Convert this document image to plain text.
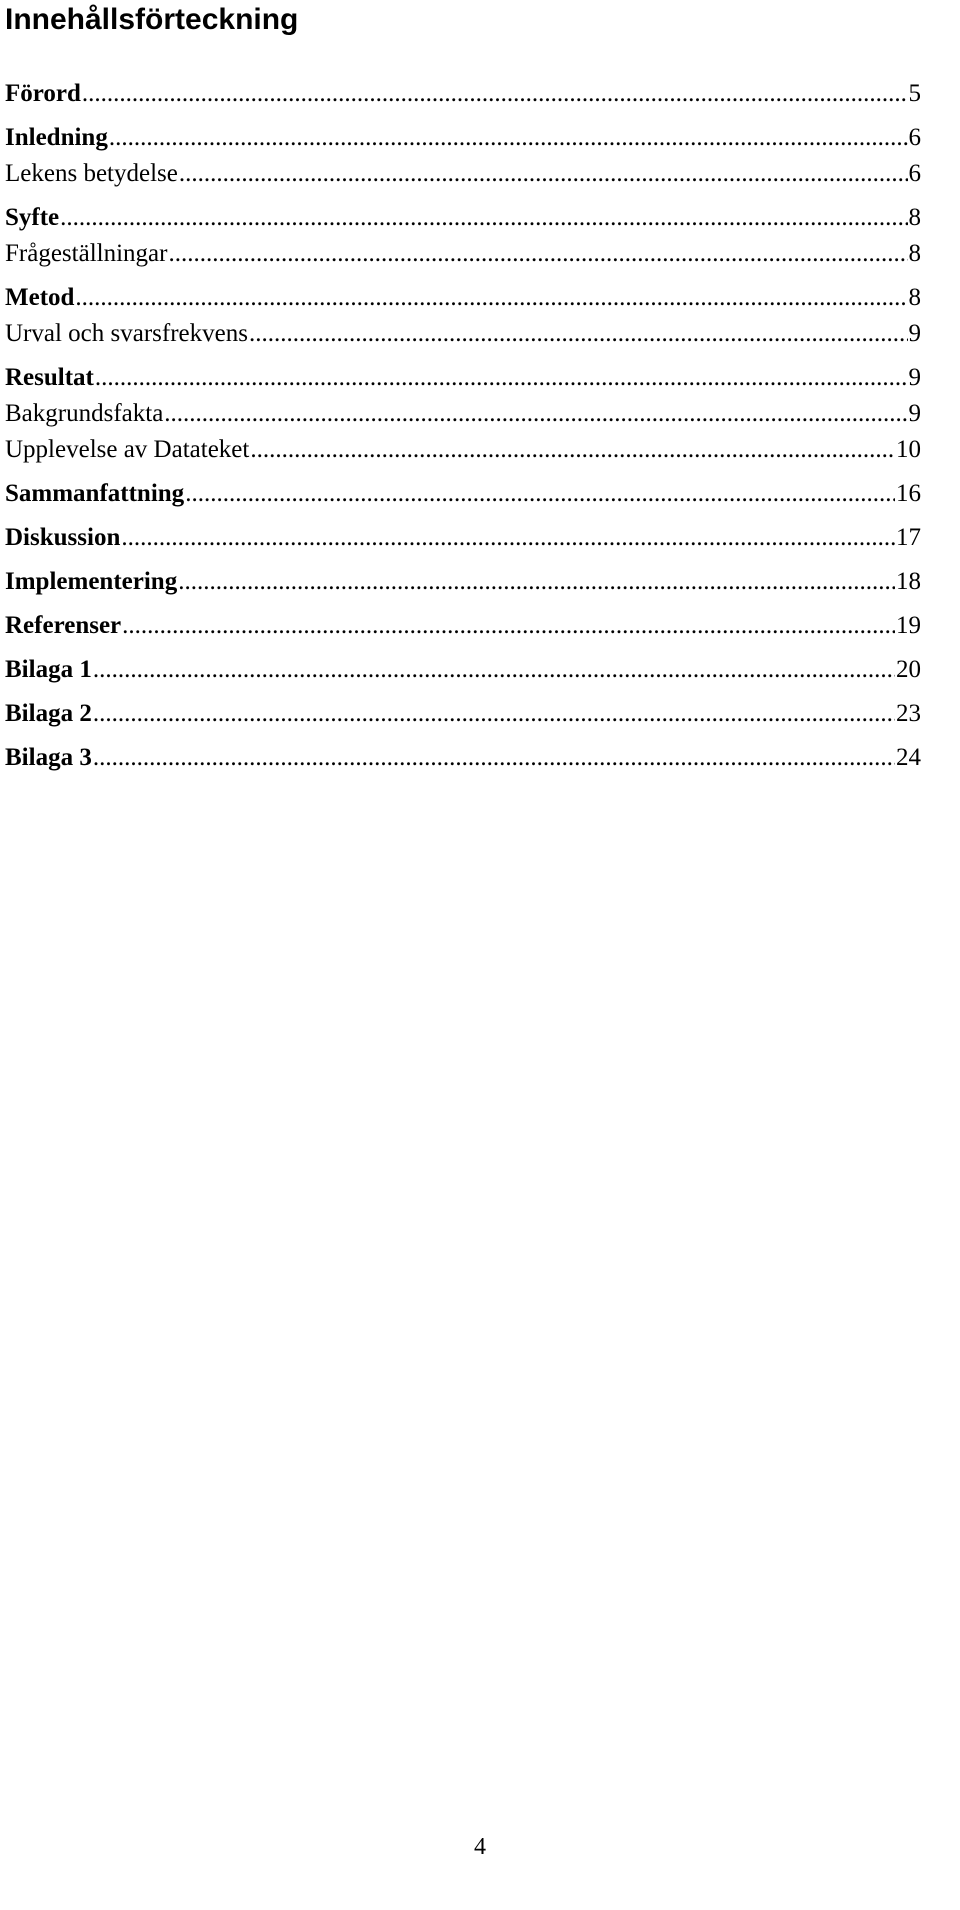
Innehållsförteckning
Förord .....	5
Inledning .....	6
Lekens betydelse .....	6
Syfte .....	8
Frågeställningar .....	8
Metod .....	8
Urval och svarsfrekvens .....	9
Resultat .....	9
Bakgrundsfakta .....	9
Upplevelse av Datateket .....	10
Sammanfattning .....	16
Diskussion .....	17
Implementering .....	18
Referenser .....	19
Bilaga 1 .....	20
Bilaga 2 .....	23
Bilaga 3 .....	24

4
